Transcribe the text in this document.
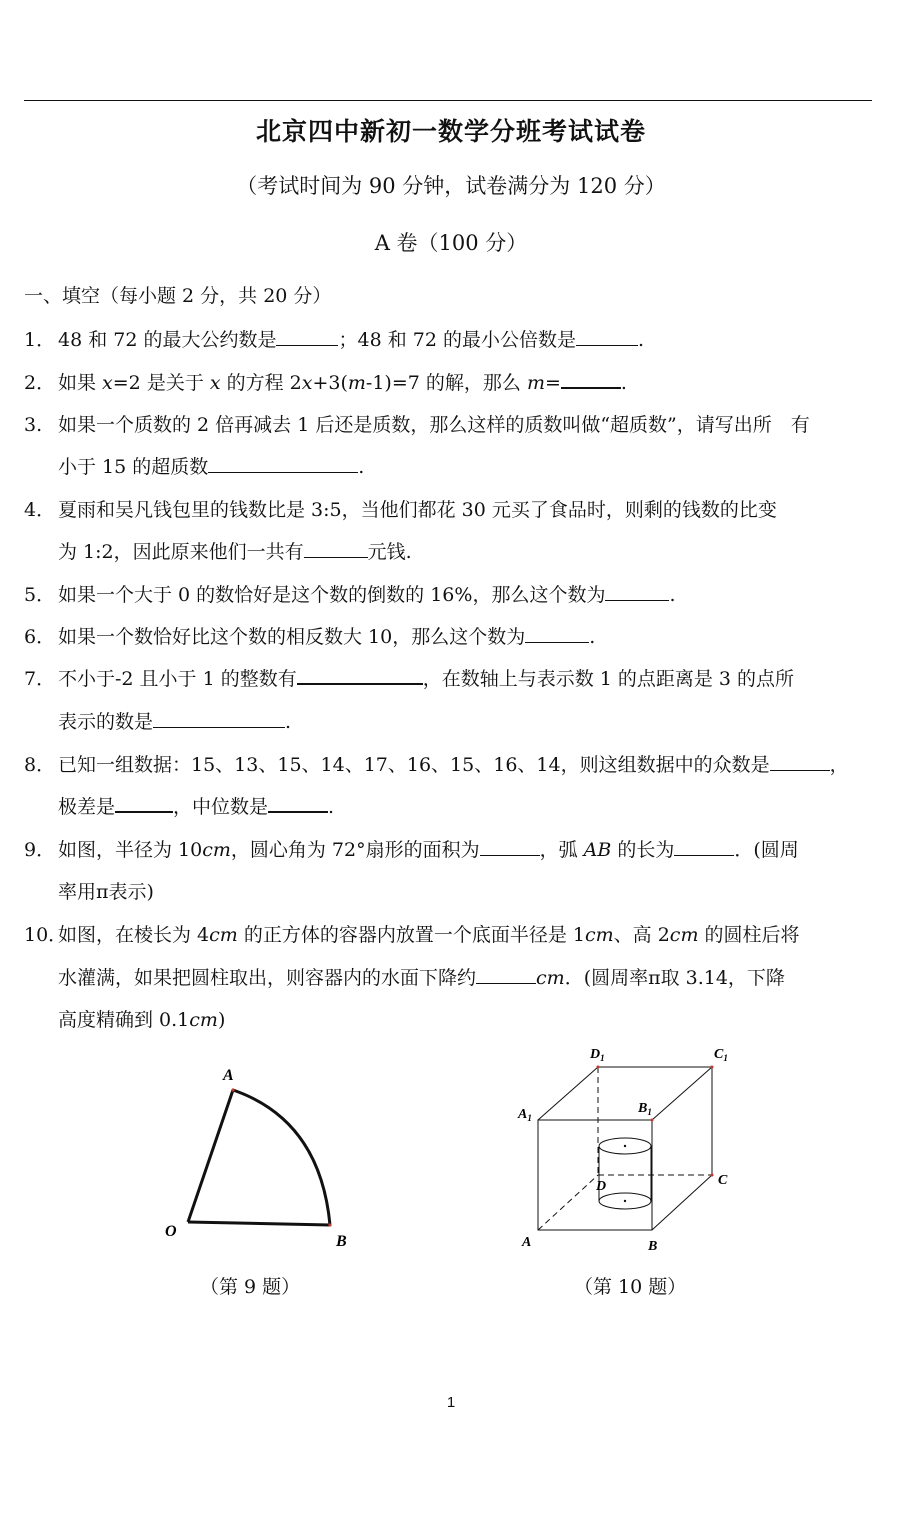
北京四中新初一数学分班考试试卷
（考试时间为 90 分钟，试卷满分为 120 分）
A 卷（100 分）
一、填空（每小题 2 分，共 20 分）
1． 48 和 72 的最大公约数是	；48 和 72 的最小公倍数是	.
2． 如果 x=2 是关于 x 的方程 2x+3(m-1)=7 的解，那么 m=	.
3. 如果一个质数的 2 倍再减去 1 后还是质数，那么这样的质数叫做“超质数”，请写出所　有
小于 15 的超质数	.
4． 夏雨和吴凡钱包里的钱数比是 3:5，当他们都花 30 元买了食品时，则剩的钱数的比变
为 1:2，因此原来他们一共有	元钱.
5． 如果一个大于 0 的数恰好是这个数的倒数的 16%，那么这个数为	.
6． 如果一个数恰好比这个数的相反数大 10，那么这个数为	.
7． 不小于-2 且小于 1 的整数有	，在数轴上与表示数 1 的点距离是 3 的点所
表示的数是	.
8． 已知一组数据：15、13、15、14、17、16、15、16、14，则这组数据中的众数是	，
极差是	，中位数是	.
9． 如图，半径为 10cm，圆心角为 72°扇形的面积为	，弧 AB 的长为	．(圆周
率用π表示)
10．如图，在棱长为 4cm 的正方体的容器内放置一个底面半径是 1cm、高 2cm 的圆柱后将
水灌满，如果把圆柱取出，则容器内的水面下降约	cm．(圆周率π取 3.14，下降
高度精确到 0.1cm)
A
O
B
$D_1$	$C_1$
$A_1$
$B_1$
C
D
A	B
（第 9 题）	（第 10 题）
1
